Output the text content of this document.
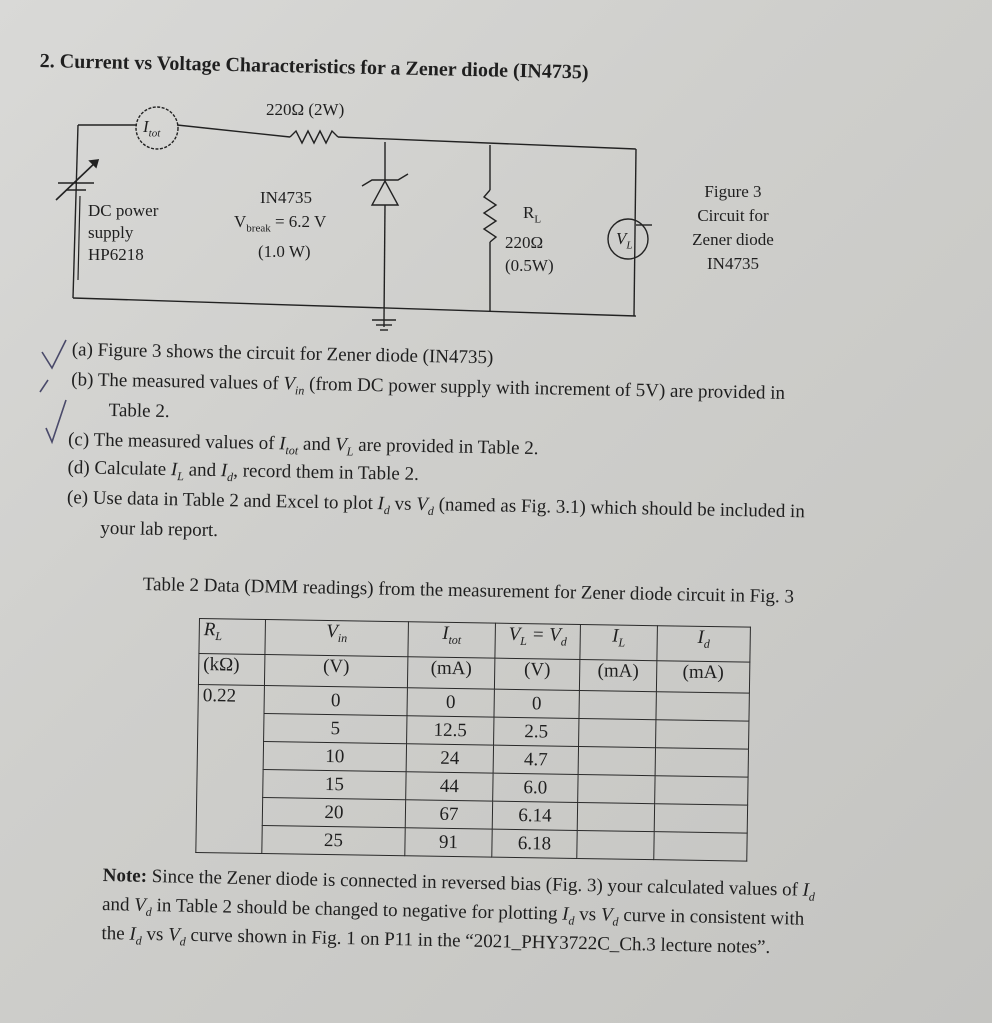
2. Current vs Voltage Characteristics for a Zener diode (IN4735)
$I_{tot}$
220Ω (2W)
DC power
supply
HP6218
IN4735
$V_{break} = 6.2$ V
(1.0 W)
$R_L$
220Ω
(0.5W)
$V_L$
Figure 3
Circuit for
Zener diode
IN4735
(a) Figure 3 shows the circuit for Zener diode (IN4735)
(b) The measured values of $V_{in}$ (from DC power supply with increment of 5V) are provided in
Table 2.
(c) The measured values of $I_{tot}$ and $V_L$ are provided in Table 2.
(d) Calculate $I_L$ and $I_d$, record them in Table 2.
(e) Use data in Table 2 and Excel to plot $I_d$ vs $V_d$ (named as Fig. 3.1) which should be included in
your lab report.
Table 2 Data (DMM readings) from the measurement for Zener diode circuit in Fig. 3
$R_L$	$V_{in}$	$I_{tot}$	$V_L = V_d$	$I_L$	$I_d$
(kΩ)	(V)	(mA)	(V)	(mA)	(mA)
0.22	0	0	0		
	5	12.5	2.5		
	10	24	4.7		
	15	44	6.0		
	20	67	6.14		
	25	91	6.18		
Note: Since the Zener diode is connected in reversed bias (Fig. 3) your calculated values of $I_d$
and $V_d$ in Table 2 should be changed to negative for plotting $I_d$ vs $V_d$ curve in consistent with
the $I_d$ vs $V_d$ curve shown in Fig. 1 on P11 in the “2021_PHY3722C_Ch.3 lecture notes”.
